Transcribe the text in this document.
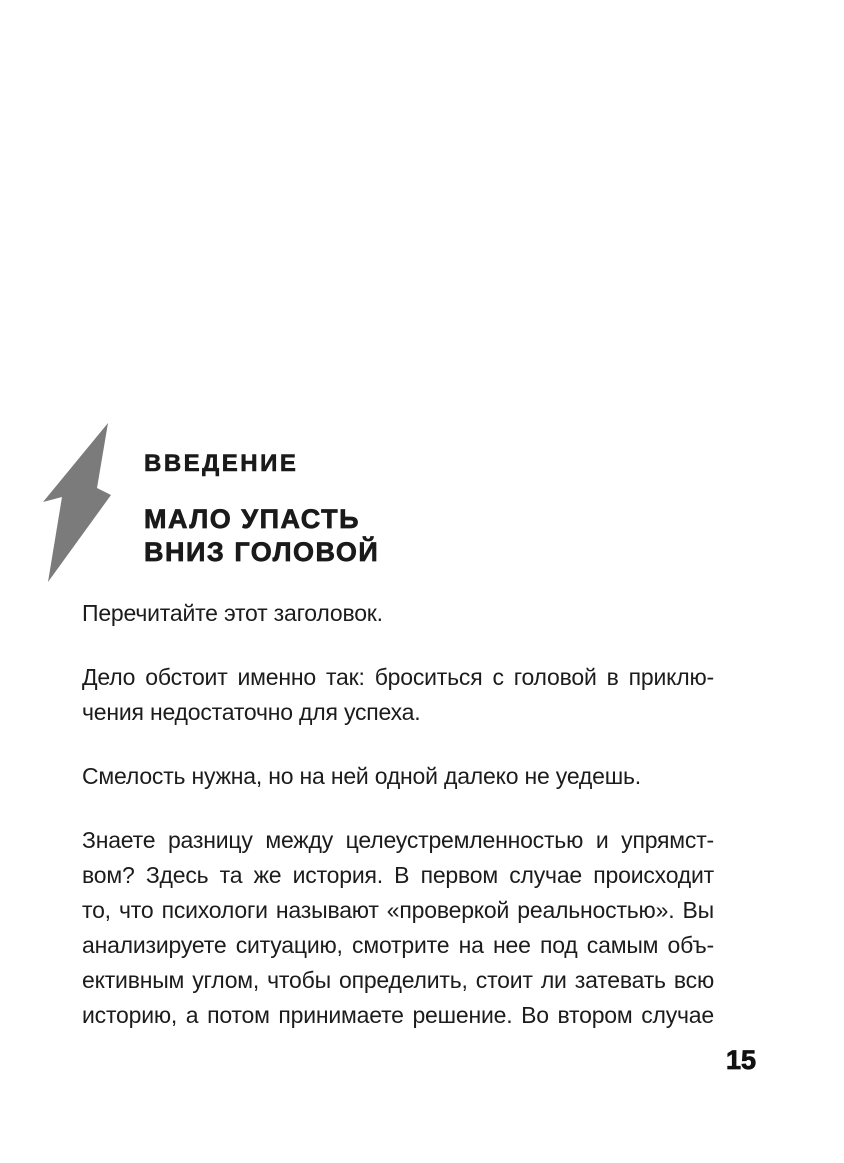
ВВЕДЕНИЕ
МАЛО УПАСТЬ
ВНИЗ ГОЛОВОЙ
Перечитайте этот заголовок.
Дело обстоит именно так: броситься с головой в приклю-
чения недостаточно для успеха.
Смелость нужна, но на ней одной далеко не уедешь.
Знаете разницу между целеустремленностью и упрямст-
вом? Здесь та же история. В первом случае происходит
то, что психологи называют «проверкой реальностью». Вы
анализируете ситуацию, смотрите на нее под самым объ-
ективным углом, чтобы определить, стоит ли затевать всю
историю, а потом принимаете решение. Во втором случае
15
